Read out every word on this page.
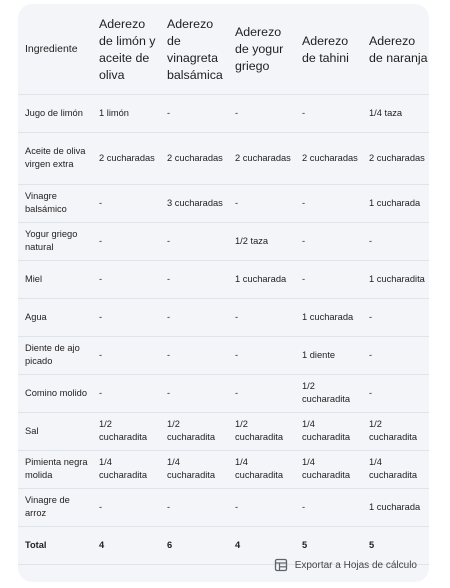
Ingrediente	Aderezo de limón y aceite de oliva	Aderezo de vinagreta balsámica	Aderezo de yogur griego	Aderezo de tahini	Aderezo de naranja
Jugo de limón	1 limón	-	-	-	1/4 taza
Aceite de oliva virgen extra	2 cucharadas	2 cucharadas	2 cucharadas	2 cucharadas	2 cucharadas
Vinagre balsámico	-	3 cucharadas	-	-	1 cucharada
Yogur griego natural	-	-	1/2 taza	-	-
Miel	-	-	1 cucharada	-	1 cucharadita
Agua	-	-	-	1 cucharada	-
Diente de ajo picado	-	-	-	1 diente	-
Comino molido	-	-	-	1/2 cucharadita	-
Sal	1/2 cucharadita	1/2 cucharadita	1/2 cucharadita	1/4 cucharadita	1/2 cucharadita
Pimienta negra molida	1/4 cucharadita	1/4 cucharadita	1/4 cucharadita	1/4 cucharadita	1/4 cucharadita
Vinagre de arroz	-	-	-	-	1 cucharada
Total	4	6	4	5	5
Exportar a Hojas de cálculo
